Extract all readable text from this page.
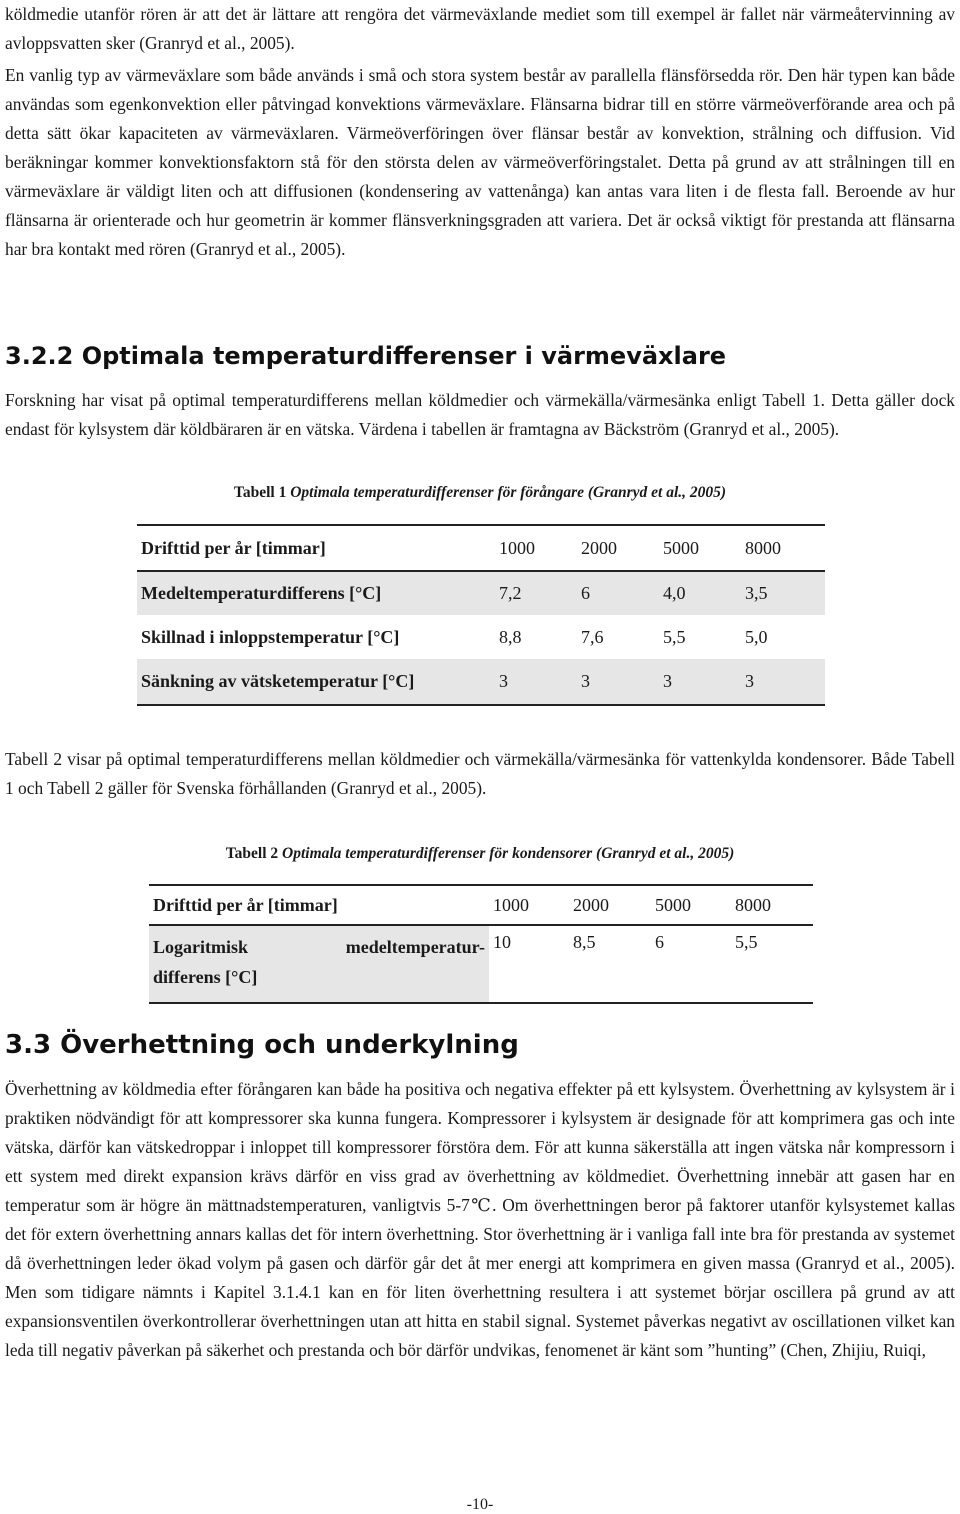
köldmedie utanför rören är att det är lättare att rengöra det värmeväxlande mediet som till exempel är fallet när värmeåtervinning av avloppsvatten sker (Granryd et al., 2005).

En vanlig typ av värmeväxlare som både används i små och stora system består av parallella flänsförsedda rör. Den här typen kan både användas som egenkonvektion eller påtvingad konvektions värmeväxlare. Flänsarna bidrar till en större värmeöverförande area och på detta sätt ökar kapaciteten av värmeväxlaren. Värmeöverföringen över flänsar består av konvektion, strålning och diffusion. Vid beräkningar kommer konvektionsfaktorn stå för den största delen av värmeöverföringstalet. Detta på grund av att strålningen till en värmeväxlare är väldigt liten och att diffusionen (kondensering av vattenånga) kan antas vara liten i de flesta fall. Beroende av hur flänsarna är orienterade och hur geometrin är kommer flänsverkningsgraden att variera. Det är också viktigt för prestanda att flänsarna har bra kontakt med rören (Granryd et al., 2005).

3.2.2 Optimala temperaturdifferenser i värmeväxlare

Forskning har visat på optimal temperaturdifferens mellan köldmedier och värmekälla/värmesänka enligt Tabell 1. Detta gäller dock endast för kylsystem där köldbäraren är en vätska. Värdena i tabellen är framtagna av Bäckström (Granryd et al., 2005).

Tabell 1 Optimala temperaturdifferenser för förångare (Granryd et al., 2005)
Drifttid per år [timmar]	1000	2000	5000	8000
Medeltemperaturdifferens [°C]	7,2	6	4,0	3,5
Skillnad i inloppstemperatur [°C]	8,8	7,6	5,5	5,0
Sänkning av vätsketemperatur [°C]	3	3	3	3

Tabell 2 visar på optimal temperaturdifferens mellan köldmedier och värmekälla/värmesänka för vattenkylda kondensorer. Både Tabell 1 och Tabell 2 gäller för Svenska förhållanden (Granryd et al., 2005).

Tabell 2 Optimala temperaturdifferenser för kondensorer (Granryd et al., 2005)
Drifttid per år [timmar]	1000	2000	5000	8000

Logaritmisk medeltemperatur-
differens [°C]	10	8,5	6	5,5
3.3 Överhettning och underkylning

Överhettning av köldmedia efter förångaren kan både ha positiva och negativa effekter på ett kylsystem. Överhettning av kylsystem är i praktiken nödvändigt för att kompressorer ska kunna fungera. Kompressorer i kylsystem är designade för att komprimera gas och inte vätska, därför kan vätskedroppar i inloppet till kompressorer förstöra dem. För att kunna säkerställa att ingen vätska når kompressorn i ett system med direkt expansion krävs därför en viss grad av överhettning av köldmediet. Överhettning innebär att gasen har en temperatur som är högre än mättnadstemperaturen, vanligtvis 5-7℃. Om överhettningen beror på faktorer utanför kylsystemet kallas det för extern överhettning annars kallas det för intern överhettning. Stor överhettning är i vanliga fall inte bra för prestanda av systemet då överhettningen leder ökad volym på gasen och därför går det åt mer energi att komprimera en given massa (Granryd et al., 2005). Men som tidigare nämnts i Kapitel 3.1.4.1 kan en för liten överhettning resultera i att systemet börjar oscillera på grund av att expansionsventilen överkontrollerar överhettningen utan att hitta en stabil signal. Systemet påverkas negativt av oscillationen vilket kan leda till negativ påverkan på säkerhet och prestanda och bör därför undvikas, fenomenet är känt som ”hunting” (Chen, Zhijiu, Ruiqi,

-10-
